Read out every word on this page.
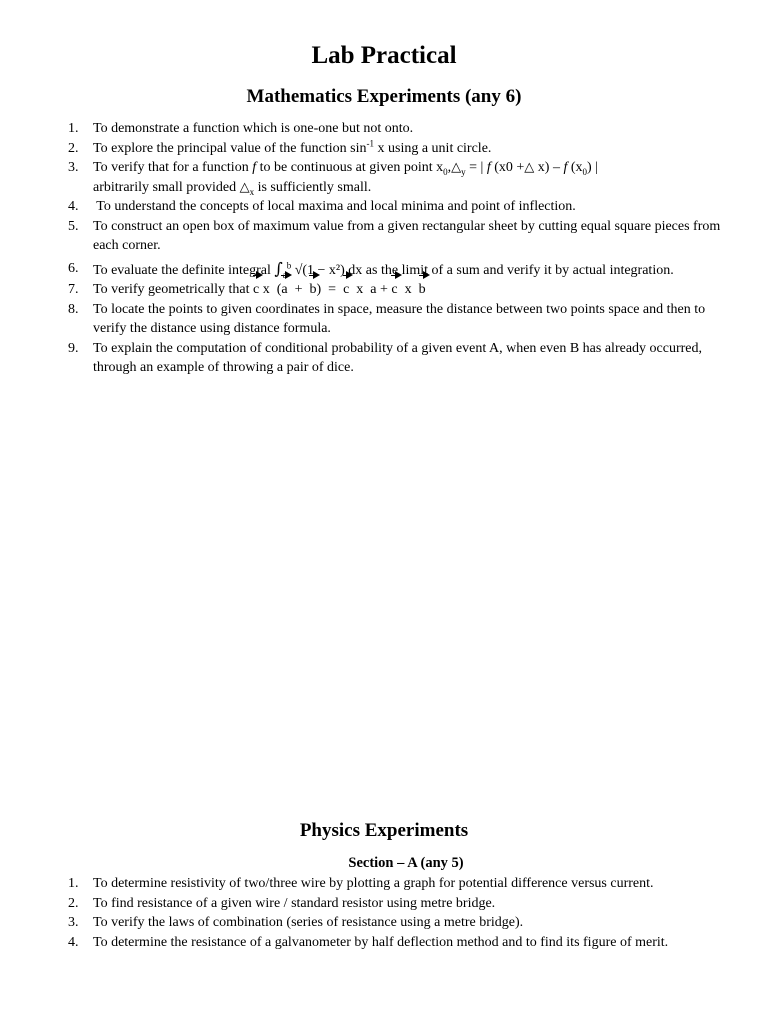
Lab Practical
Mathematics Experiments (any 6)
1. To demonstrate a function which is one-one but not onto.
2. To explore the principal value of the function $\sin^{-1} x$ using a unit circle.
3. To verify that for a function f to be continuous at given point $x_0,\triangle_y$ = | f (x0 +△ x) – f $(x_0)$ |
arbitrarily small provided $\triangle_x$ is sufficiently small.
4. To understand the concepts of local maxima and local minima and point of inflection.
5. To construct an open box of maximum value from a given rectangular sheet by cutting equal square pieces from each corner.
6. To evaluate the definite integral $\int_a^b$ √(1 − x²) dx as the limit of a sum and verify it by actual integration.
7. To verify geometrically that c x (a + b) = c x a + c x b
8. To locate the points to given coordinates in space, measure the distance between two points space and then to verify the distance using distance formula.
9. To explain the computation of conditional probability of a given event A, when even B has already occurred, through an example of throwing a pair of dice.
Physics Experiments
Section – A (any 5)
1. To determine resistivity of two/three wire by plotting a graph for potential difference versus current.
2. To find resistance of a given wire / standard resistor using metre bridge.
3. To verify the laws of combination (series of resistance using a metre bridge).
4. To determine the resistance of a galvanometer by half deflection method and to find its figure of merit.
